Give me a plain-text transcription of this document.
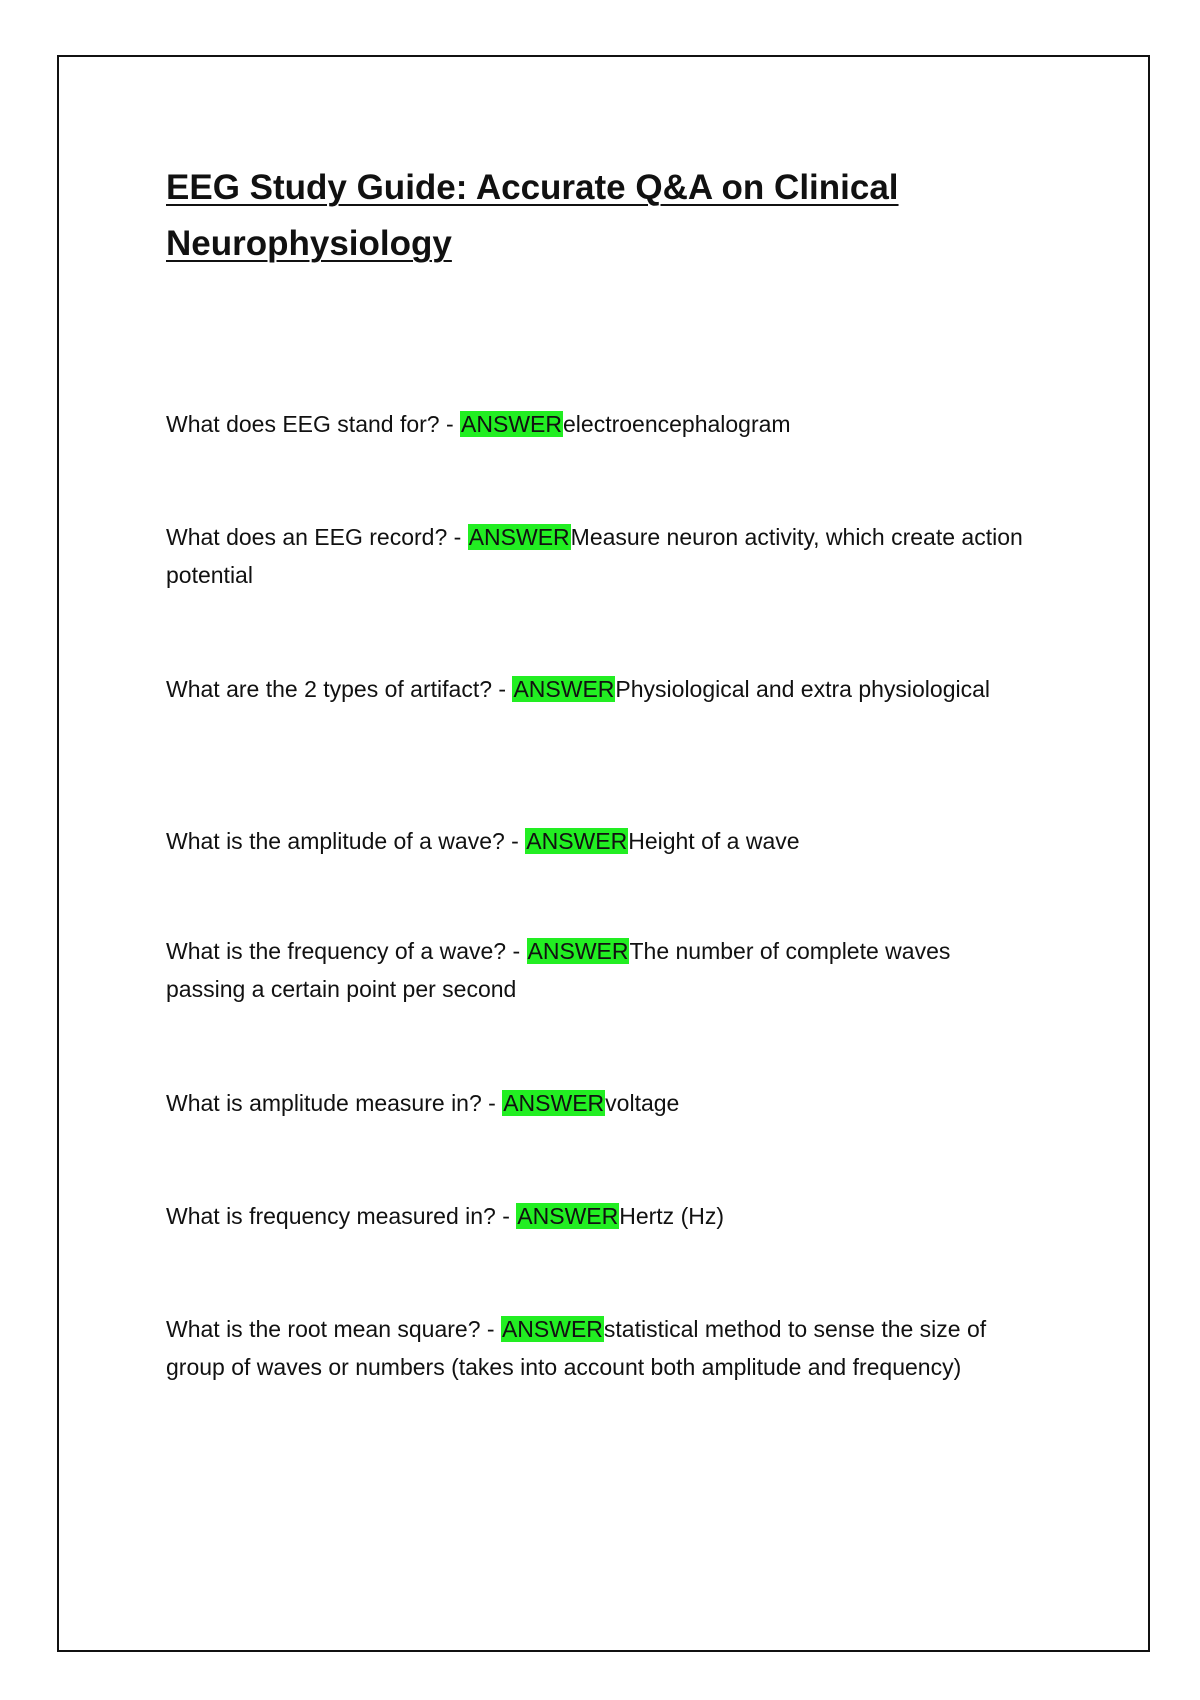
EEG Study Guide: Accurate Q&A on Clinical Neurophysiology

What does EEG stand for? - ANSWERelectroencephalogram

What does an EEG record? - ANSWERMeasure neuron activity, which create action potential

What are the 2 types of artifact? - ANSWERPhysiological and extra physiological

What is the amplitude of a wave? - ANSWERHeight of a wave

What is the frequency of a wave? - ANSWERThe number of complete waves passing a certain point per second

What is amplitude measure in? - ANSWERvoltage

What is frequency measured in? - ANSWERHertz (Hz)

What is the root mean square? - ANSWERstatistical method to sense the size of group of waves or numbers (takes into account both amplitude and frequency)
